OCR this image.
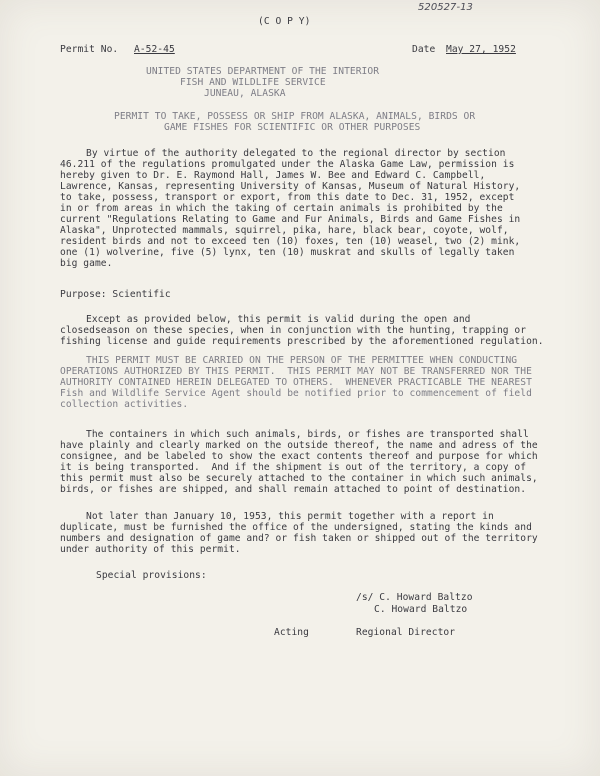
520527-13
(C O P Y)
Permit No. A-52-45	Date May 27, 1952
UNITED STATES DEPARTMENT OF THE INTERIOR
FISH AND WILDLIFE SERVICE
JUNEAU, ALASKA
PERMIT TO TAKE, POSSESS OR SHIP FROM ALASKA, ANIMALS, BIRDS OR
GAME FISHES FOR SCIENTIFIC OR OTHER PURPOSES
By virtue of the authority delegated to the regional director by section
46.211 of the regulations promulgated under the Alaska Game Law, permission is
hereby given to Dr. E. Raymond Hall, James W. Bee and Edward C. Campbell,
Lawrence, Kansas, representing University of Kansas, Museum of Natural History,
to take, possess, transport or export, from this date to Dec. 31, 1952, except
in or from areas in which the taking of certain animals is prohibited by the
current "Regulations Relating to Game and Fur Animals, Birds and Game Fishes in
Alaska", Unprotected mammals, squirrel, pika, hare, black bear, coyote, wolf,
resident birds and not to exceed ten (10) foxes, ten (10) weasel, two (2) mink,
one (1) wolverine, five (5) lynx, ten (10) muskrat and skulls of legally taken
big game.
Purpose: Scientific
Except as provided below, this permit is valid during the open and
closedseason on these species, when in conjunction with the hunting, trapping or
fishing license and guide requirements prescribed by the aforementioned regulation.
THIS PERMIT MUST BE CARRIED ON THE PERSON OF THE PERMITTEE WHEN CONDUCTING
OPERATIONS AUTHORIZED BY THIS PERMIT.  THIS PERMIT MAY NOT BE TRANSFERRED NOR THE
AUTHORITY CONTAINED HEREIN DELEGATED TO OTHERS.  WHENEVER PRACTICABLE THE NEAREST
Fish and Wildlife Service Agent should be notified prior to commencement of field
collection activities.
The containers in which such animals, birds, or fishes are transported shall
have plainly and clearly marked on the outside thereof, the name and adress of the
consignee, and be labeled to show the exact contents thereof and purpose for which
it is being transported.  And if the shipment is out of the territory, a copy of
this permit must also be securely attached to the container in which such animals,
birds, or fishes are shipped, and shall remain attached to point of destination.
Not later than January 10, 1953, this permit together with a report in
duplicate, must be furnished the office of the undersigned, stating the kinds and
numbers and designation of game and? or fish taken or shipped out of the territory
under authority of this permit.
Special provisions:
/s/ C. Howard Baltzo
C. Howard Baltzo
Acting	Regional Director
